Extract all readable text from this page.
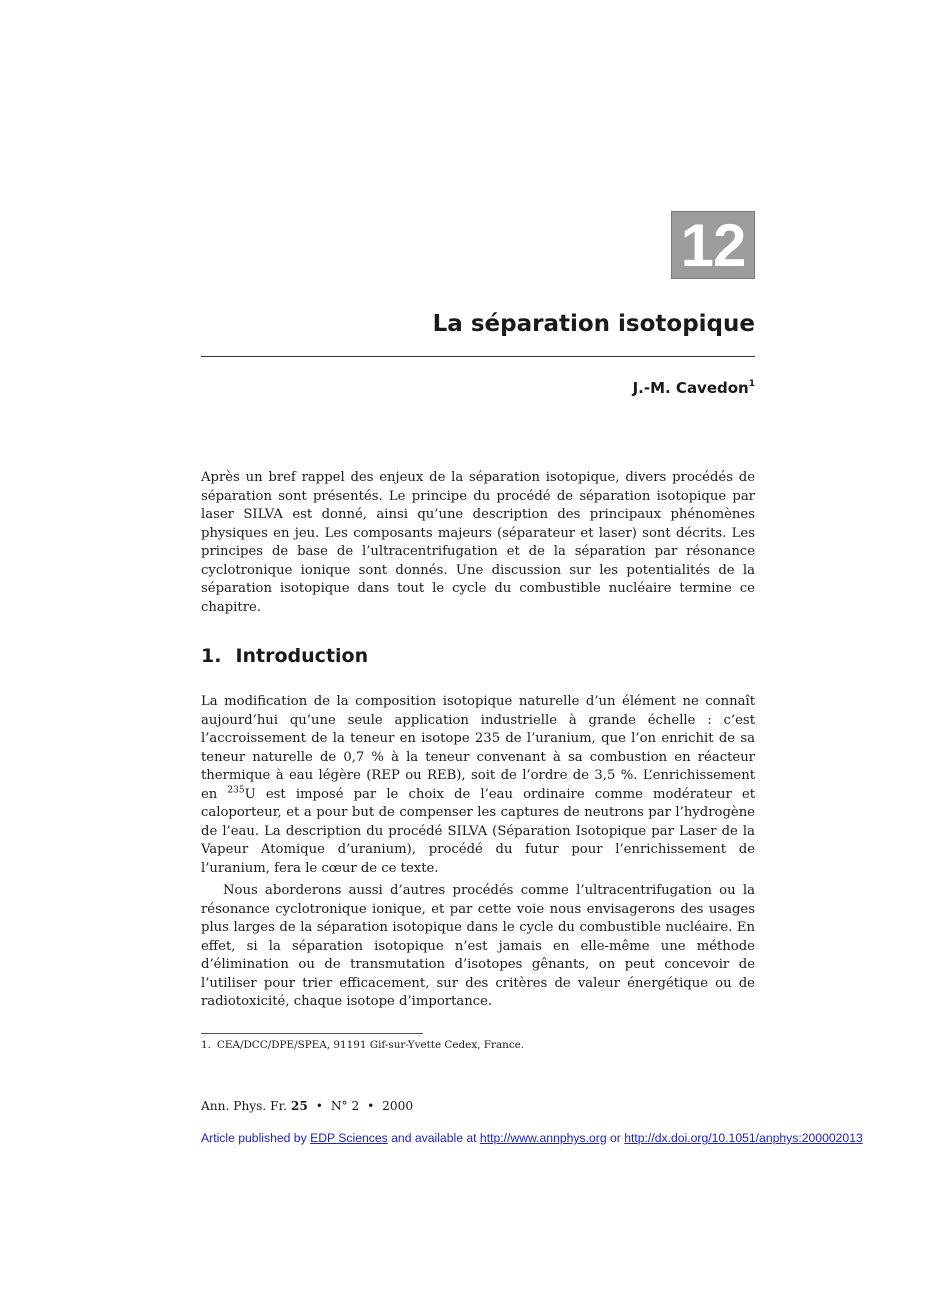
12
La séparation isotopique
J.-M. Cavedon$^1$
Après un bref rappel des enjeux de la séparation isotopique, divers procédés de séparation sont présentés. Le principe du procédé de séparation isotopique par laser SILVA est donné, ainsi qu’une description des principaux phénomènes physiques en jeu. Les composants majeurs (séparateur et laser) sont décrits. Les principes de base de l’ultracentrifugation et de la séparation par résonance cyclotronique ionique sont donnés. Une discussion sur les potentialités de la séparation isotopique dans tout le cycle du combustible nucléaire termine ce chapitre.
1. Introduction

La modification de la composition isotopique naturelle d’un élément ne connaît aujourd’hui qu’une seule application industrielle à grande échelle : c’est l’accroissement de la teneur en isotope 235 de l’uranium, que l’on enrichit de sa teneur naturelle de 0,7 % à la teneur convenant à sa combustion en réacteur thermique à eau légère (REP ou REB), soit de l’ordre de 3,5 %. L’enrichissement en $^{235}$U est imposé par le choix de l’eau ordinaire comme modérateur et caloporteur, et a pour but de compenser les captures de neutrons par l’hydrogène de l’eau. La description du procédé SILVA (Séparation Isotopique par Laser de la Vapeur Atomique d’uranium), procédé du futur pour l’enrichissement de l’uranium, fera le cœur de ce texte.

Nous aborderons aussi d’autres procédés comme l’ultracentrifugation ou la résonance cyclotronique ionique, et par cette voie nous envisagerons des usages plus larges de la séparation isotopique dans le cycle du combustible nucléaire. En effet, si la séparation isotopique n’est jamais en elle-même une méthode d’élimination ou de transmutation d’isotopes gênants, on peut concevoir de l’utiliser pour trier efficacement, sur des critères de valeur énergétique ou de radiotoxicité, chaque isotope d’importance.

1. CEA/DCC/DPE/SPEA, 91191 Gif-sur-Yvette Cedex, France.
Ann. Phys. Fr. 25 • N° 2 • 2000
Article published by EDP Sciences and available at http://www.annphys.org or http://dx.doi.org/10.1051/anphys:200002013
